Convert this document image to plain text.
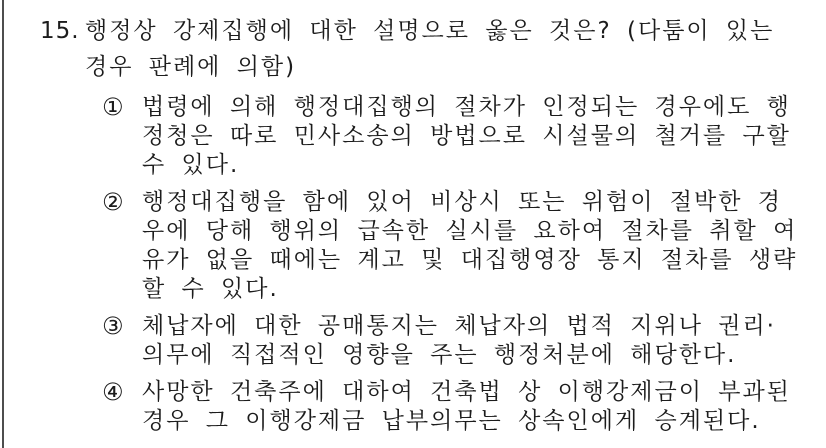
15. 행정상 강제집행에 대한 설명으로 옳은 것은? (다툼이 있는
경우 판례에 의함)
① 법령에 의해 행정대집행의 절차가 인정되는 경우에도 행
정청은 따로 민사소송의 방법으로 시설물의 철거를 구할
수 있다.
② 행정대집행을 함에 있어 비상시 또는 위험이 절박한 경
우에 당해 행위의 급속한 실시를 요하여 절차를 취할 여
유가 없을 때에는 계고 및 대집행영장 통지 절차를 생략
할 수 있다.
③ 체납자에 대한 공매통지는 체납자의 법적 지위나 권리·
의무에 직접적인 영향을 주는 행정처분에 해당한다.
④ 사망한 건축주에 대하여 건축법 상 이행강제금이 부과된
경우 그 이행강제금 납부의무는 상속인에게 승계된다.
